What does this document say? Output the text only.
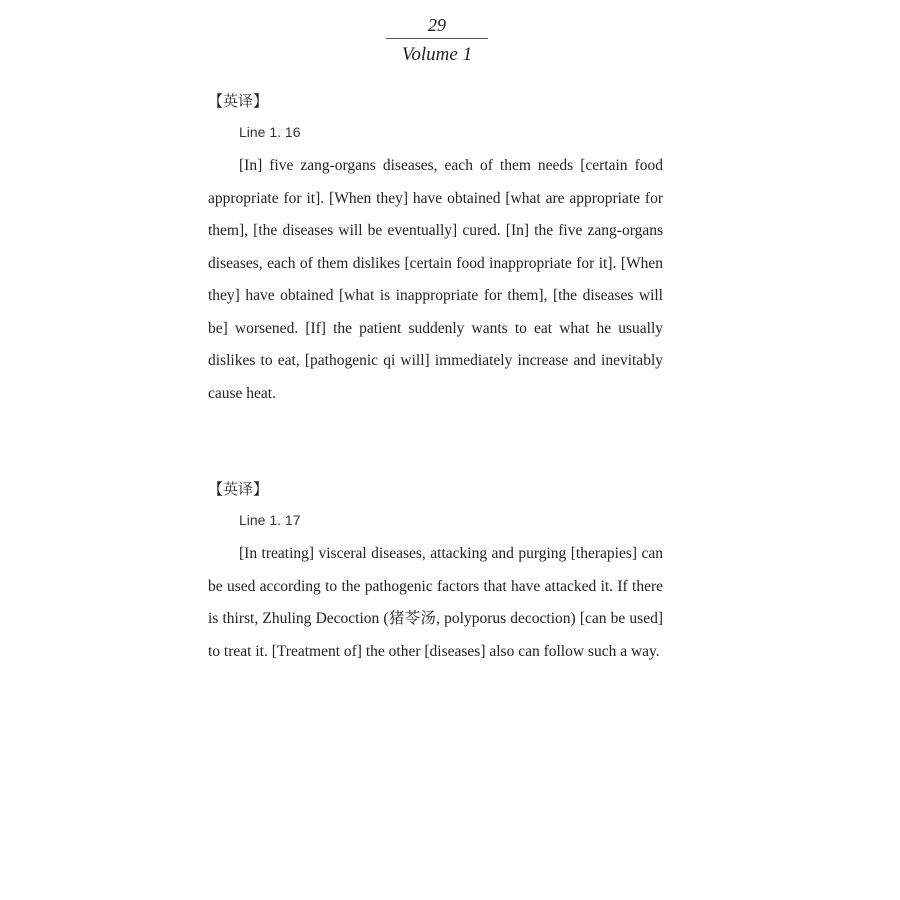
29
Volume 1

【英译】

Line 1. 16

[In] five zang-organs diseases, each of them needs [certain food appropriate for it]. [When they] have obtained [what are appropriate for them], [the diseases will be eventually] cured. [In] the five zang-organs diseases, each of them dislikes [certain food inappropriate for it]. [When they] have obtained [what is inappropriate for them], [the diseases will be] worsened. [If] the patient suddenly wants to eat what he usually dislikes to eat, [pathogenic qi will] immediately increase and inevitably cause heat.

【英译】

Line 1. 17

[In treating] visceral diseases, attacking and purging [therapies] can be used according to the pathogenic factors that have attacked it. If there is thirst, Zhuling Decoction (猪苓汤, polyporus decoction) [can be used] to treat it. [Treatment of] the other [diseases] also can follow such a way.
